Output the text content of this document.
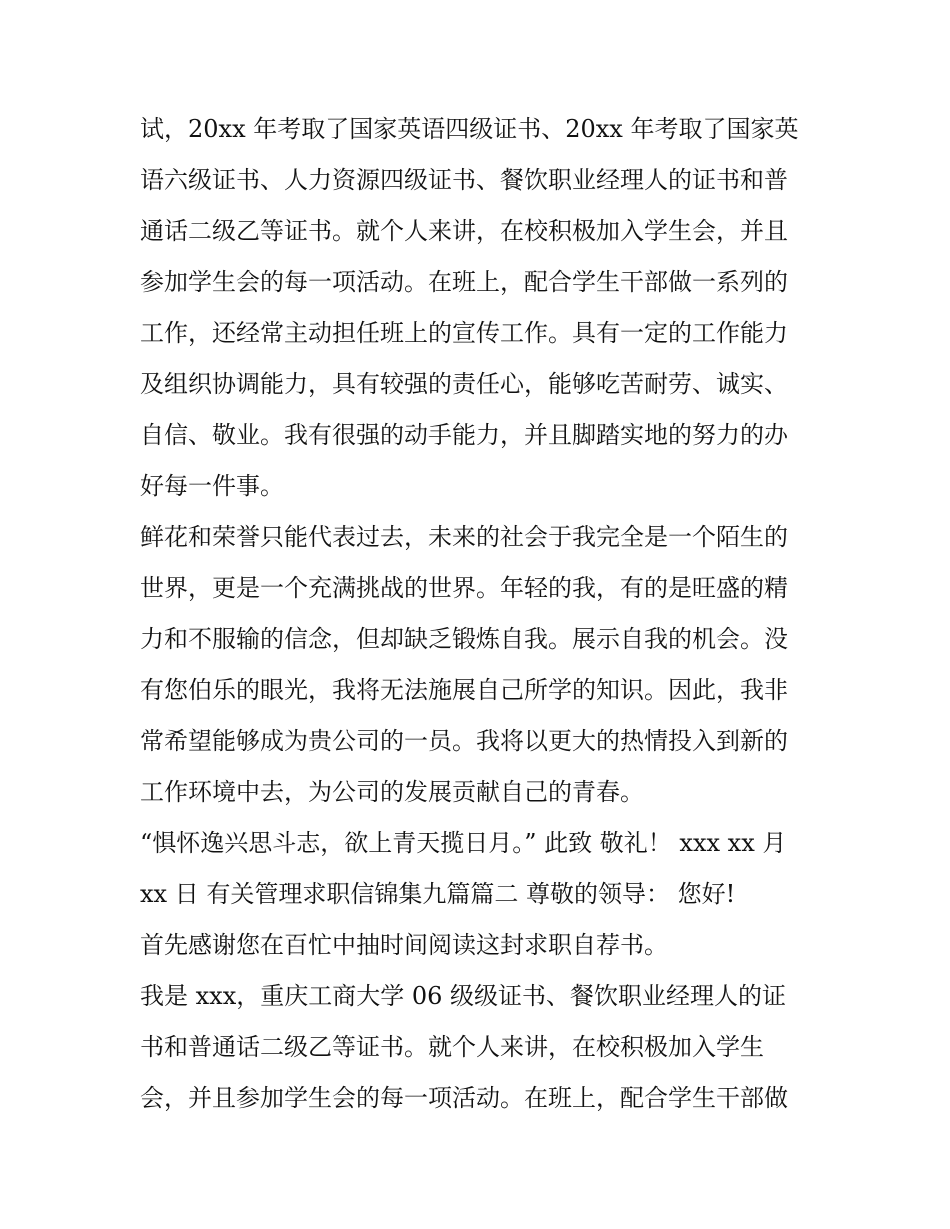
试，20xx 年考取了国家英语四级证书、20xx 年考取了国家英
语六级证书、人力资源四级证书、餐饮职业经理人的证书和普
通话二级乙等证书。就个人来讲，在校积极加入学生会，并且
参加学生会的每一项活动。在班上，配合学生干部做一系列的
工作，还经常主动担任班上的宣传工作。具有一定的工作能力
及组织协调能力，具有较强的责任心，能够吃苦耐劳、诚实、
自信、敬业。我有很强的动手能力，并且脚踏实地的努力的办
好每一件事。
鲜花和荣誉只能代表过去，未来的社会于我完全是一个陌生的
世界，更是一个充满挑战的世界。年轻的我，有的是旺盛的精
力和不服输的信念，但却缺乏锻炼自我。展示自我的机会。没
有您伯乐的眼光，我将无法施展自己所学的知识。因此，我非
常希望能够成为贵公司的一员。我将以更大的热情投入到新的
工作环境中去，为公司的发展贡献自己的青春。
“惧怀逸兴思斗志，欲上青天揽日月。” 此致 敬礼！ xxx xx 月
xx 日 有关管理求职信锦集九篇篇二 尊敬的领导： 您好!
首先感谢您在百忙中抽时间阅读这封求职自荐书。
我是 xxx，重庆工商大学 06 级级证书、餐饮职业经理人的证
书和普通话二级乙等证书。就个人来讲，在校积极加入学生
会，并且参加学生会的每一项活动。在班上，配合学生干部做
